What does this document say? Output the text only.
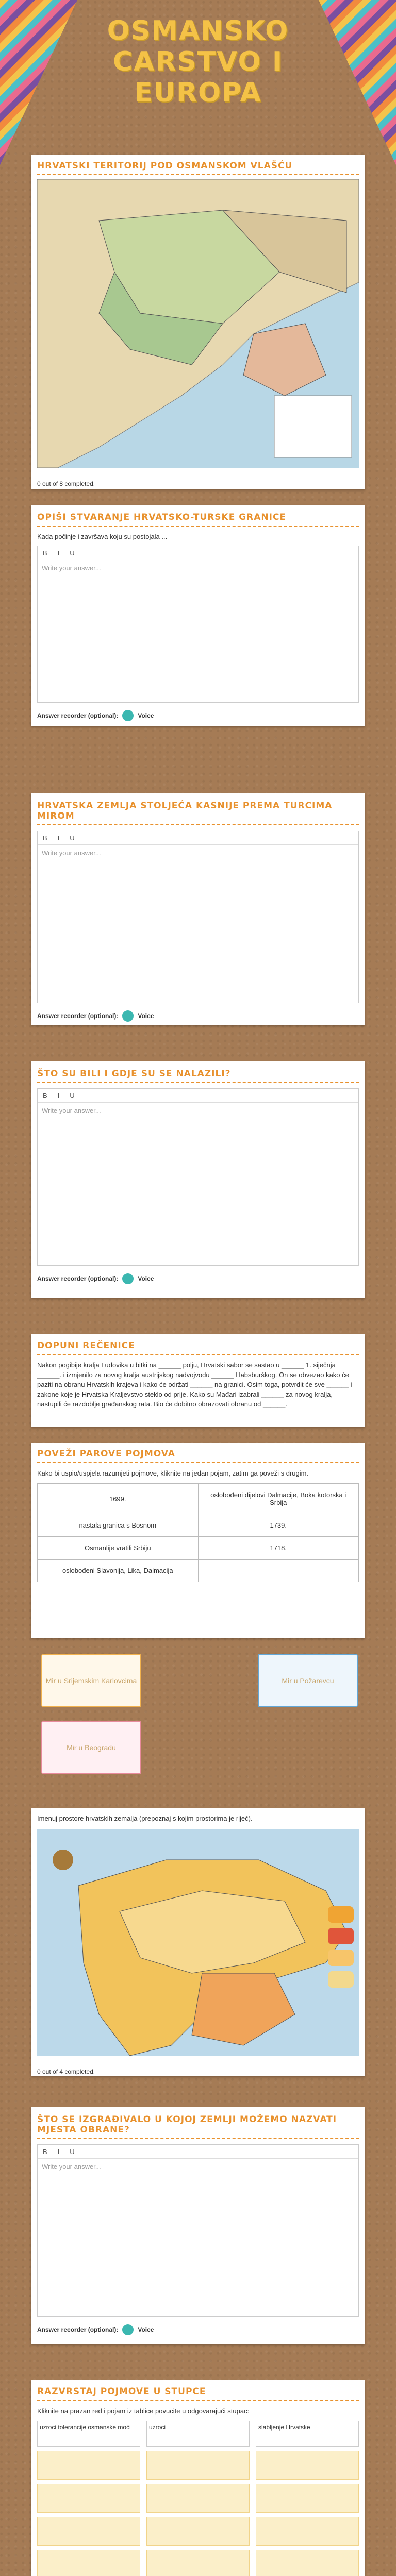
OSMANSKO CARSTVO I EUROPA

HRVATSKI TERITORIJ POD OSMANSKOM VLAŠĆU

0 out of 8 completed.

OPIŠI STVARANJE HRVATSKO-TURSKE GRANICE

Kada počinje i završava koju su postojala ...

B	I	U
Write your answer...
Answer recorder (optional):	Voice

HRVATSKA ZEMLJA STOLJEĆA KASNIJE PREMA TURCIMA MIROM

B	I	U
Write your answer...
Answer recorder (optional):	Voice

ŠTO SU BILI I GDJE SU SE NALAZILI?

B	I	U
Write your answer...
Answer recorder (optional):	Voice

DOPUNI REČENICE

Nakon pogibije kralja Ludovika u bitki na ______ polju, Hrvatski sabor se sastao u ______ 1. siječnja ______. i izmjenilo za novog kralja austrijskog nadvojvodu ______ Habsburškog. On se obvezao kako će paziti na obranu Hrvatskih krajeva i kako će održati ______ na granici. Osim toga, potvrdit će sve ______ i zakone koje je Hrvatska Kraljevstvo steklo od prije. Kako su Mađari izabrali ______ za novog kralja, nastupili će razdoblje građanskog rata. Bio će dobitno obrazovati obranu od ______.

POVEŽI PAROVE POJMOVA

Kako bi uspio/uspjela razumjeti pojmove, kliknite na jedan pojam, zatim ga poveži s drugim.

1699.	oslobođeni dijelovi Dalmacije, Boka kotorska i Srbija
nastala granica s Bosnom	1739.
Osmanlije vratili Srbiju	1718.
oslobođeni Slavonija, Lika, Dalmacija	
Mir u Srijemskim Karlovcima	Mir u Požarevcu
Mir u Beogradu

Imenuj prostore hrvatskih zemalja (prepoznaj s kojim prostorima je riječ).

0 out of 4 completed.

ŠTO SE IZGRAĐIVALO U KOJOJ ZEMLJI MOŽEMO NAZVATI MJESTA OBRANE?

B	I	U
Write your answer...
Answer recorder (optional):	Voice

RAZVRSTAJ POJMOVE U STUPCE

Kliknite na prazan red i pojam iz tablice povucite u odgovarajući stupac:

uzroci tolerancije osmanske moći	uzroci	slabljenje Hrvatske
